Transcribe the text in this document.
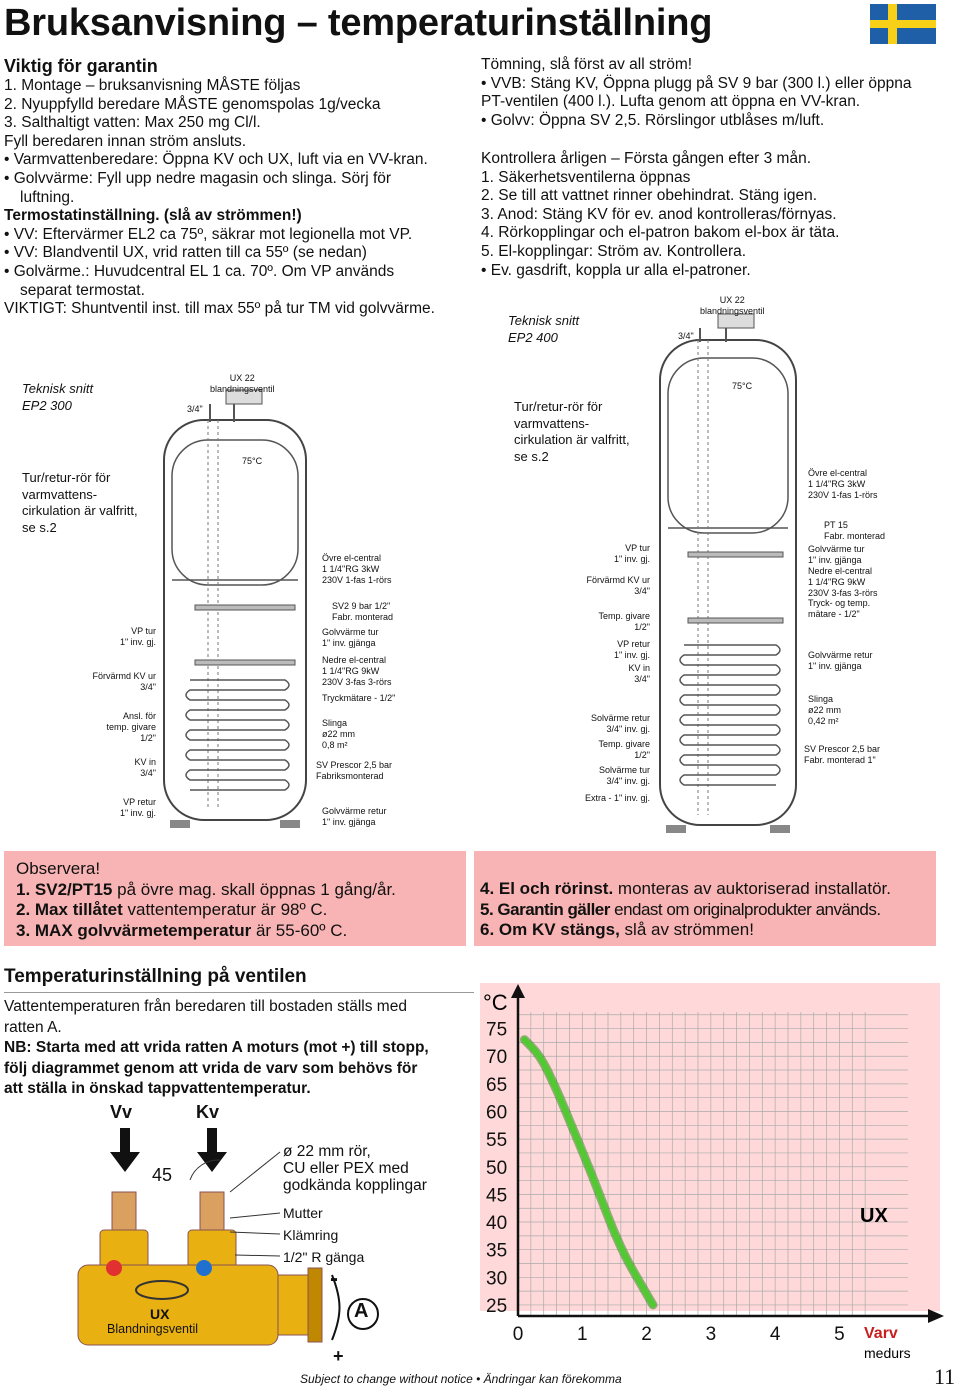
Bruksanvisning – temperaturinställning
Viktig för garantin
1. Montage – bruksanvisning MÅSTE följas
2. Nyuppfylld beredare MÅSTE genomspolas 1g/vecka
3. Salthaltigt vatten: Max 250 mg Cl/l.
Fyll beredaren innan ström ansluts.
• Varmvattenberedare: Öppna KV och UX, luft via en VV-kran.
• Golvvärme: Fyll upp nedre magasin och slinga. Sörj för
luftning.
Termostatinställning. (slå av strömmen!)
• VV: Eftervärmer EL2 ca 75º, säkrar mot legionella mot VP.
• VV: Blandventil UX, vrid ratten till ca 55º (se nedan)
• Golvärme.: Huvudcentral EL 1 ca. 70º. Om VP används
separat termostat.
VIKTIGT: Shuntventil inst. till max 55º på tur TM vid golvvärme.
Tömning, slå först av all ström!
• VVB: Stäng KV, Öppna plugg på SV 9 bar (300 l.) eller öppna
PT-ventilen (400 l.). Lufta genom att öppna en VV-kran.
• Golvv: Öppna SV 2,5. Rörslingor utblåses m/luft.
Kontrollera årligen – Första gången efter 3 mån.
1. Säkerhetsventilerna öppnas
2. Se till att vattnet rinner obehindrat. Stäng igen.
3. Anod: Stäng KV för ev. anod kontrolleras/förnyas.
4. Rörkopplingar och el-patron bakom el-box är täta.
5. El-kopplingar: Ström av. Kontrollera.
• Ev. gasdrift, koppla ur alla el-patroner.
Teknisk snitt
EP2 300
Tur/retur-rör för
varmvattens-
cirkulation är valfritt,
se s.2
UX 22
blandningsventil
3/4"
75°C
VP tur
1" inv. gj.
Förvärmd KV ur
3/4"
Ansl. för
temp. givare
1/2"
KV in
3/4"
VP retur
1" inv. gj.
Övre el-central
1 1/4"RG 3kW
230V 1-fas 1-rörs
SV2 9 bar 1/2"
Fabr. monterad
Golvvärme tur
1" inv. gjänga
Nedre el-central
1 1/4"RG 9kW
230V 3-fas 3-rörs
Tryckmätare - 1/2"
Slinga
ø22 mm
0,8 m²
SV Prescor 2,5 bar
Fabriksmonterad
Golvvärme retur
1" inv. gjänga
Teknisk snitt
EP2 400
Tur/retur-rör för
varmvattens-
cirkulation är valfritt,
se s.2
UX 22
blandningsventil
3/4"
75°C
VP tur
1" inv. gj.
Förvärmd KV ur
3/4"
Temp. givare
1/2"
VP retur
1" inv. gj.
KV in
3/4"
Solvärme retur
3/4" inv. gj.
Temp. givare
1/2"
Solvärme tur
3/4" inv. gj.
Extra - 1" inv. gj.
Övre el-central
1 1/4"RG 3kW
230V 1-fas 1-rörs
PT 15
Fabr. monterad
Golvvärme tur
1" inv. gjänga
Nedre el-central
1 1/4"RG 9kW
230V 3-fas 3-rörs
Tryck- og temp.
mätare - 1/2"
Golvvärme retur
1" inv. gjänga
Slinga
ø22 mm
0,42 m²
SV Prescor 2,5 bar
Fabr. monterad 1"
Observera!
1. SV2/PT15 på övre mag. skall öppnas 1 gång/år.
2. Max tillåtet vattentemperatur är 98º C.
3. MAX golvvärmetemperatur är 55-60º C.
4. El och rörinst. monteras av auktoriserad installatör.
5. Garantin gäller endast om originalprodukter används.
6. Om KV stängs, slå av strömmen!
Temperaturinställning på ventilen
Vattentemperaturen från beredaren till bostaden ställs med
ratten A.
NB: Starta med att vrida ratten A moturs (mot +) till stopp,
följ diagrammet genom att vrida de varv som behövs för
att ställa in önskad tappvattentemperatur.
Vv	Kv
45
ø 22 mm rör,
CU eller PEX med
godkända kopplingar
Mutter
Klämring
1/2" R gänga
-
+
A
UX
Blandningsventil
25
30
35
40
45
50
55
60
65
70
75
0	1	2	3	4	5
°C
UX
Varv
medurs
Subject to change without notice • Ändringar kan förekomma	11
